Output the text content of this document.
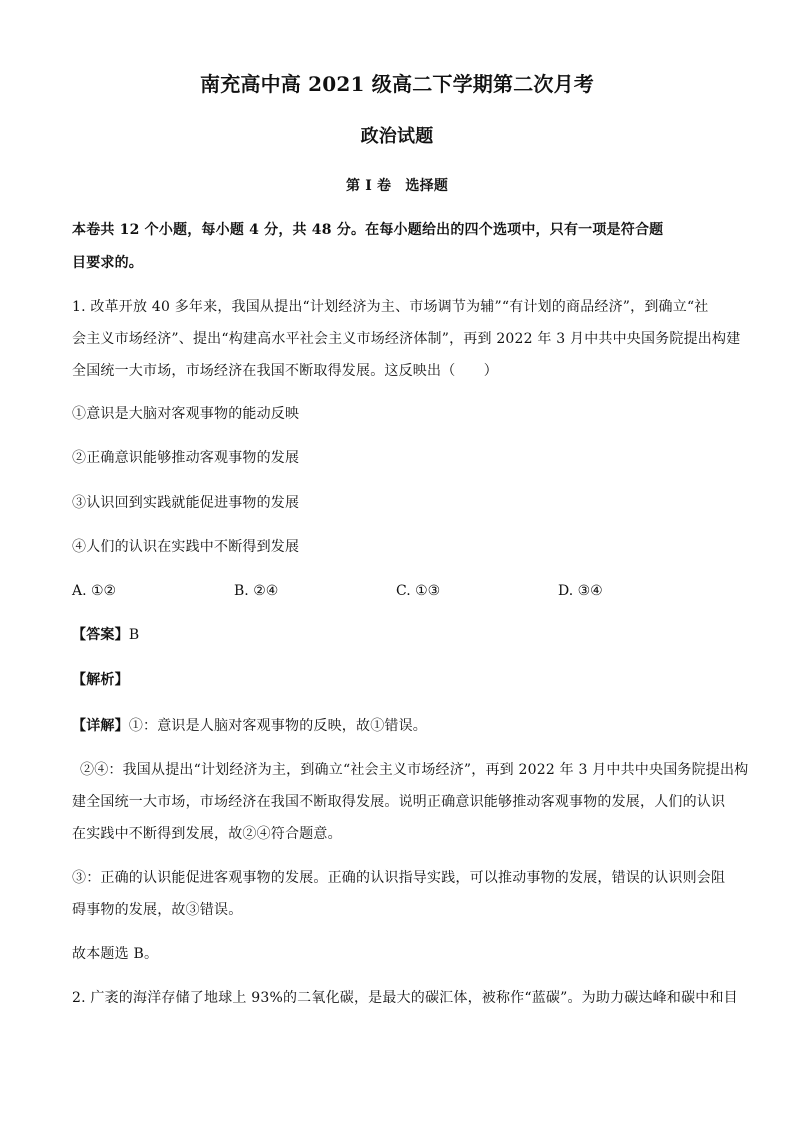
南充高中高 2021 级高二下学期第二次月考
政治试题
第 I 卷　选择题
本卷共 12 个小题，每小题 4 分，共 48 分。在每小题给出的四个选项中，只有一项是符合题
目要求的。
1. 改革开放 40 多年来，我国从提出“计划经济为主、市场调节为辅”“有计划的商品经济”，到确立“社
会主义市场经济”、提出“构建高水平社会主义市场经济体制”，再到 2022 年 3 月中共中央国务院提出构建
全国统一大市场，市场经济在我国不断取得发展。这反映出（　　）
①意识是大脑对客观事物的能动反映
②正确意识能够推动客观事物的发展
③认识回到实践就能促进事物的发展
④人们的认识在实践中不断得到发展
A. ①②	B. ②④	C. ①③	D. ③④
【答案】B
【解析】
【详解】①：意识是人脑对客观事物的反映，故①错误。
②④：我国从提出“计划经济为主，到确立“社会主义市场经济”，再到 2022 年 3 月中共中央国务院提出构
建全国统一大市场，市场经济在我国不断取得发展。说明正确意识能够推动客观事物的发展，人们的认识
在实践中不断得到发展，故②④符合题意。
③：正确的认识能促进客观事物的发展。正确的认识指导实践，可以推动事物的发展，错误的认识则会阻
碍事物的发展，故③错误。
故本题选 B。
2. 广袤的海洋存储了地球上 93%的二氧化碳，是最大的碳汇体，被称作“蓝碳”。为助力碳达峰和碳中和目
